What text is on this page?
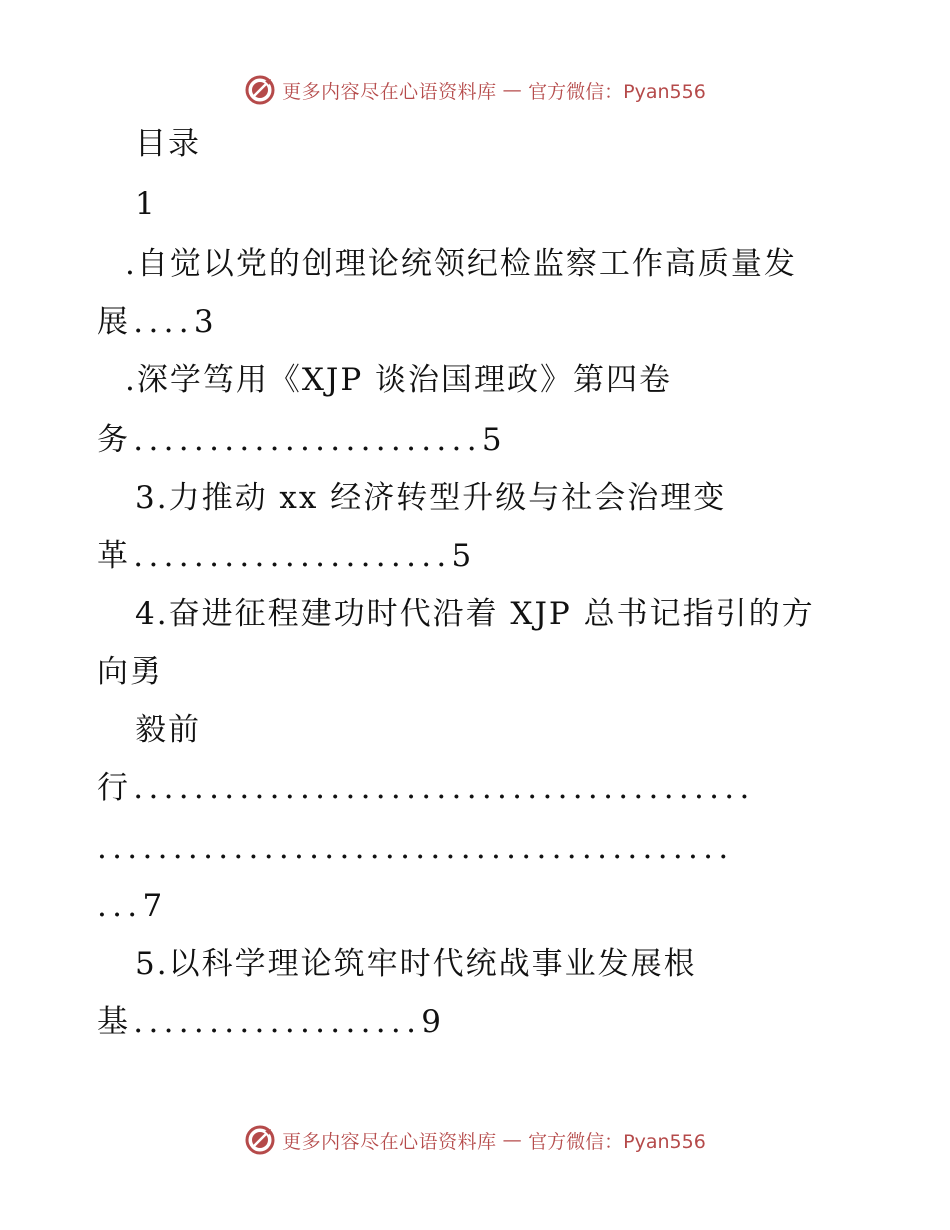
更多内容尽在心语资料库 — 官方微信：Pyan556
目录
1
.自觉以党的创理论统领纪检监察工作高质量发
展....3
.深学笃用《XJP 谈治国理政》第四卷
务.......................5
3.力推动 xx 经济转型升级与社会治理变
革.....................5
4.奋进征程建功时代沿着 XJP 总书记指引的方
向勇
毅前
行.........................................
..........................................
...7
5.以科学理论筑牢时代统战事业发展根
基...................9
更多内容尽在心语资料库 — 官方微信：Pyan556
